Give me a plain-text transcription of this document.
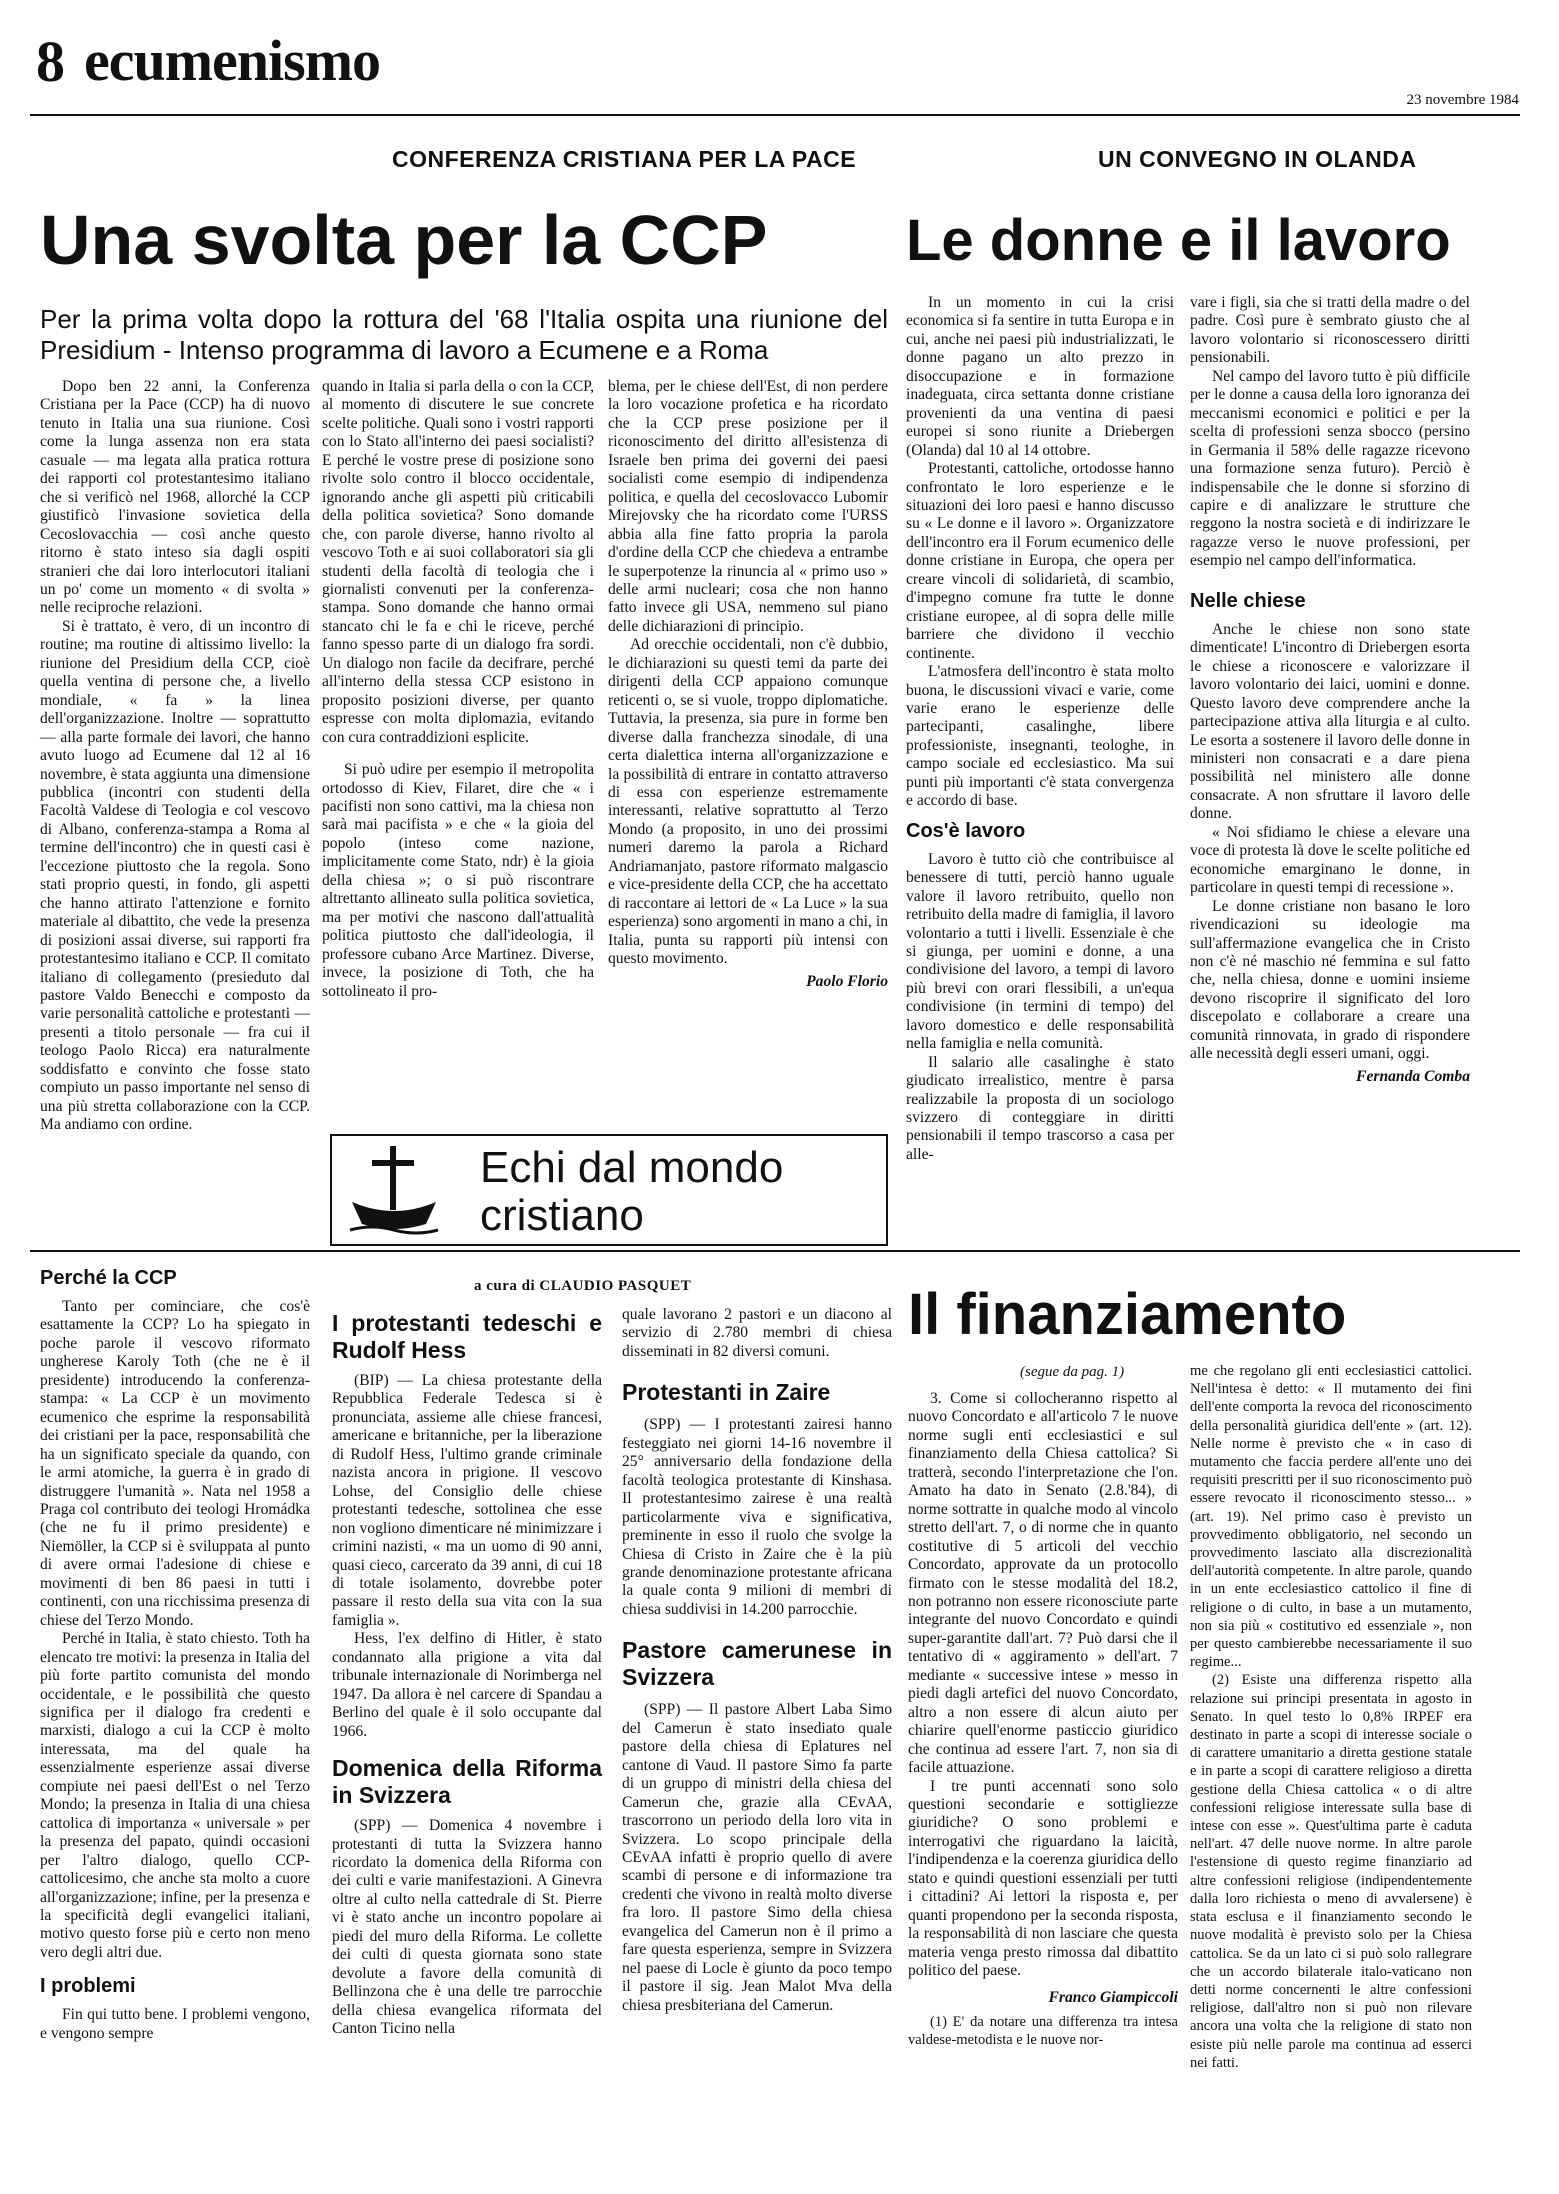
8 ecumenismo
23 novembre 1984
CONFERENZA CRISTIANA PER LA PACE
Una svolta per la CCP
Per la prima volta dopo la rottura del '68 l'Italia ospita una riunione del Presidium - Intenso programma di lavoro a Ecumene e a Roma
UN CONVEGNO IN OLANDA
Le donne e il lavoro

Dopo ben 22 anni, la Conferenza Cristiana per la Pace (CCP) ha di nuovo tenuto in Italia una sua riunione. Così come la lunga assenza non era stata casuale — ma legata alla pratica rottura dei rapporti col protestantesimo italiano che si verificò nel 1968, allorché la CCP giustificò l'invasione sovietica della Cecoslovacchia — così anche questo ritorno è stato inteso sia dagli ospiti stranieri che dai loro interlocutori italiani un po' come un momento « di svolta » nelle reciproche relazioni.

Si è trattato, è vero, di un incontro di routine; ma routine di altissimo livello: la riunione del Presidium della CCP, cioè quella ventina di persone che, a livello mondiale, « fa » la linea dell'organizzazione. Inoltre — soprattutto — alla parte formale dei lavori, che hanno avuto luogo ad Ecumene dal 12 al 16 novembre, è stata aggiunta una dimensione pubblica (incontri con studenti della Facoltà Valdese di Teologia e col vescovo di Albano, conferenza-stampa a Roma al termine dell'incontro) che in questi casi è l'eccezione piuttosto che la regola. Sono stati proprio questi, in fondo, gli aspetti che hanno attirato l'attenzione e fornito materiale al dibattito, che vede la presenza di posizioni assai diverse, sui rapporti fra protestantesimo italiano e CCP. Il comitato italiano di collegamento (presieduto dal pastore Valdo Benecchi e composto da varie personalità cattoliche e protestanti — presenti a titolo personale — fra cui il teologo Paolo Ricca) era naturalmente soddisfatto e convinto che fosse stato compiuto un passo importante nel senso di una più stretta collaborazione con la CCP. Ma andiamo con ordine.

quando in Italia si parla della o con la CCP, al momento di discutere le sue concrete scelte politiche. Quali sono i vostri rapporti con lo Stato all'interno dei paesi socialisti? E perché le vostre prese di posizione sono rivolte solo contro il blocco occidentale, ignorando anche gli aspetti più criticabili della politica sovietica? Sono domande che, con parole diverse, hanno rivolto al vescovo Toth e ai suoi collaboratori sia gli studenti della facoltà di teologia che i giornalisti convenuti per la conferenza-stampa. Sono domande che hanno ormai stancato chi le fa e chi le riceve, perché fanno spesso parte di un dialogo fra sordi. Un dialogo non facile da decifrare, perché all'interno della stessa CCP esistono in proposito posizioni diverse, per quanto espresse con molta diplomazia, evitando con cura contraddizioni esplicite.

Si può udire per esempio il metropolita ortodosso di Kiev, Filaret, dire che « i pacifisti non sono cattivi, ma la chiesa non sarà mai pacifista » e che « la gioia del popolo (inteso come nazione, implicitamente come Stato, ndr) è la gioia della chiesa »; o si può riscontrare altrettanto allineato sulla politica sovietica, ma per motivi che nascono dall'attualità politica piuttosto che dall'ideologia, il professore cubano Arce Martinez. Diverse, invece, la posizione di Toth, che ha sottolineato il pro-

blema, per le chiese dell'Est, di non perdere la loro vocazione profetica e ha ricordato che la CCP prese posizione per il riconoscimento del diritto all'esistenza di Israele ben prima dei governi dei paesi socialisti come esempio di indipendenza politica, e quella del cecoslovacco Lubomir Mirejovsky che ha ricordato come l'URSS abbia alla fine fatto propria la parola d'ordine della CCP che chiedeva a entrambe le superpotenze la rinuncia al « primo uso » delle armi nucleari; cosa che non hanno fatto invece gli USA, nemmeno sul piano delle dichiarazioni di principio.

Ad orecchie occidentali, non c'è dubbio, le dichiarazioni su questi temi da parte dei dirigenti della CCP appaiono comunque reticenti o, se si vuole, troppo diplomatiche. Tuttavia, la presenza, sia pure in forme ben diverse dalla franchezza sinodale, di una certa dialettica interna all'organizzazione e la possibilità di entrare in contatto attraverso di essa con esperienze estremamente interessanti, relative soprattutto al Terzo Mondo (a proposito, in uno dei prossimi numeri daremo la parola a Richard Andriamanjato, pastore riformato malgascio e vice-presidente della CCP, che ha accettato di raccontare ai lettori de « La Luce » la sua esperienza) sono argomenti in mano a chi, in Italia, punta su rapporti più intensi con questo movimento.

Paolo Florio

In un momento in cui la crisi economica si fa sentire in tutta Europa e in cui, anche nei paesi più industrializzati, le donne pagano un alto prezzo in disoccupazione e in formazione inadeguata, circa settanta donne cristiane provenienti da una ventina di paesi europei si sono riunite a Driebergen (Olanda) dal 10 al 14 ottobre.

Protestanti, cattoliche, ortodosse hanno confrontato le loro esperienze e le situazioni dei loro paesi e hanno discusso su « Le donne e il lavoro ». Organizzatore dell'incontro era il Forum ecumenico delle donne cristiane in Europa, che opera per creare vincoli di solidarietà, di scambio, d'impegno comune fra tutte le donne cristiane europee, al di sopra delle mille barriere che dividono il vecchio continente.

L'atmosfera dell'incontro è stata molto buona, le discussioni vivaci e varie, come varie erano le esperienze delle partecipanti, casalinghe, libere professioniste, insegnanti, teologhe, in campo sociale ed ecclesiastico. Ma sui punti più importanti c'è stata convergenza e accordo di base.

Cos'è lavoro

Lavoro è tutto ciò che contribuisce al benessere di tutti, perciò hanno uguale valore il lavoro retribuito, quello non retribuito della madre di famiglia, il lavoro volontario a tutti i livelli. Essenziale è che si giunga, per uomini e donne, a una condivisione del lavoro, a tempi di lavoro più brevi con orari flessibili, a un'equa condivisione (in termini di tempo) del lavoro domestico e delle responsabilità nella famiglia e nella comunità.

Il salario alle casalinghe è stato giudicato irrealistico, mentre è parsa realizzabile la proposta di un sociologo svizzero di conteggiare in diritti pensionabili il tempo trascorso a casa per alle-

vare i figli, sia che si tratti della madre o del padre. Così pure è sembrato giusto che al lavoro volontario si riconoscessero diritti pensionabili.

Nel campo del lavoro tutto è più difficile per le donne a causa della loro ignoranza dei meccanismi economici e politici e per la scelta di professioni senza sbocco (persino in Germania il 58% delle ragazze ricevono una formazione senza futuro). Perciò è indispensabile che le donne si sforzino di capire e di analizzare le strutture che reggono la nostra società e di indirizzare le ragazze verso le nuove professioni, per esempio nel campo dell'informatica.

Nelle chiese

Anche le chiese non sono state dimenticate! L'incontro di Driebergen esorta le chiese a riconoscere e valorizzare il lavoro volontario dei laici, uomini e donne. Questo lavoro deve comprendere anche la partecipazione attiva alla liturgia e al culto. Le esorta a sostenere il lavoro delle donne in ministeri non consacrati e a dare piena possibilità nel ministero alle donne consacrate. A non sfruttare il lavoro delle donne.

« Noi sfidiamo le chiese a elevare una voce di protesta là dove le scelte politiche ed economiche emarginano le donne, in particolare in questi tempi di recessione ».

Le donne cristiane non basano le loro rivendicazioni su ideologie ma sull'affermazione evangelica che in Cristo non c'è né maschio né femmina e sul fatto che, nella chiesa, donne e uomini insieme devono riscoprire il significato del loro discepolato e collaborare a creare una comunità rinnovata, in grado di rispondere alle necessità degli esseri umani, oggi.

Fernanda Comba

Echi dal mondo
cristiano
Perché la CCP

Tanto per cominciare, che cos'è esattamente la CCP? Lo ha spiegato in poche parole il vescovo riformato ungherese Karoly Toth (che ne è il presidente) introducendo la conferenza-stampa: « La CCP è un movimento ecumenico che esprime la responsabilità dei cristiani per la pace, responsabilità che ha un significato speciale da quando, con le armi atomiche, la guerra è in grado di distruggere l'umanità ». Nata nel 1958 a Praga col contributo dei teologi Hromádka (che ne fu il primo presidente) e Niemöller, la CCP si è sviluppata al punto di avere ormai l'adesione di chiese e movimenti di ben 86 paesi in tutti i continenti, con una ricchissima presenza di chiese del Terzo Mondo.

Perché in Italia, è stato chiesto. Toth ha elencato tre motivi: la presenza in Italia del più forte partito comunista del mondo occidentale, e le possibilità che questo significa per il dialogo fra credenti e marxisti, dialogo a cui la CCP è molto interessata, ma del quale ha essenzialmente esperienze assai diverse compiute nei paesi dell'Est o nel Terzo Mondo; la presenza in Italia di una chiesa cattolica di importanza « universale » per la presenza del papato, quindi occasioni per l'altro dialogo, quello CCP-cattolicesimo, che anche sta molto a cuore all'organizzazione; infine, per la presenza e la specificità degli evangelici italiani, motivo questo forse più e certo non meno vero degli altri due.

I problemi

Fin qui tutto bene. I problemi vengono, e vengono sempre

a cura di CLAUDIO PASQUET
I protestanti tedeschi e Rudolf Hess

(BIP) — La chiesa protestante della Repubblica Federale Tedesca si è pronunciata, assieme alle chiese francesi, americane e britanniche, per la liberazione di Rudolf Hess, l'ultimo grande criminale nazista ancora in prigione. Il vescovo Lohse, del Consiglio delle chiese protestanti tedesche, sottolinea che esse non vogliono dimenticare né minimizzare i crimini nazisti, « ma un uomo di 90 anni, quasi cieco, carcerato da 39 anni, di cui 18 di totale isolamento, dovrebbe poter passare il resto della sua vita con la sua famiglia ».

Hess, l'ex delfino di Hitler, è stato condannato alla prigione a vita dal tribunale internazionale di Norimberga nel 1947. Da allora è nel carcere di Spandau a Berlino del quale è il solo occupante dal 1966.

Domenica della Riforma in Svizzera

(SPP) — Domenica 4 novembre i protestanti di tutta la Svizzera hanno ricordato la domenica della Riforma con dei culti e varie manifestazioni. A Ginevra oltre al culto nella cattedrale di St. Pierre vi è stato anche un incontro popolare ai piedi del muro della Riforma. Le collette dei culti di questa giornata sono state devolute a favore della comunità di Bellinzona che è una delle tre parrocchie della chiesa evangelica riformata del Canton Ticino nella

quale lavorano 2 pastori e un diacono al servizio di 2.780 membri di chiesa disseminati in 82 diversi comuni.

Protestanti in Zaire

(SPP) — I protestanti zairesi hanno festeggiato nei giorni 14-16 novembre il 25° anniversario della fondazione della facoltà teologica protestante di Kinshasa. Il protestantesimo zairese è una realtà particolarmente viva e significativa, preminente in esso il ruolo che svolge la Chiesa di Cristo in Zaire che è la più grande denominazione protestante africana la quale conta 9 milioni di membri di chiesa suddivisi in 14.200 parrocchie.

Pastore camerunese in Svizzera

(SPP) — Il pastore Albert Laba Simo del Camerun è stato insediato quale pastore della chiesa di Eplatures nel cantone di Vaud. Il pastore Simo fa parte di un gruppo di ministri della chiesa del Camerun che, grazie alla CEvAA, trascorrono un periodo della loro vita in Svizzera. Lo scopo principale della CEvAA infatti è proprio quello di avere scambi di persone e di informazione tra credenti che vivono in realtà molto diverse fra loro. Il pastore Simo della chiesa evangelica del Camerun non è il primo a fare questa esperienza, sempre in Svizzera nel paese di Locle è giunto da poco tempo il pastore il sig. Jean Malot Mva della chiesa presbiteriana del Camerun.

Il finanziamento
(segue da pag. 1)

3. Come si collocheranno rispetto al nuovo Concordato e all'articolo 7 le nuove norme sugli enti ecclesiastici e sul finanziamento della Chiesa cattolica? Si tratterà, secondo l'interpretazione che l'on. Amato ha dato in Senato (2.8.'84), di norme sottratte in qualche modo al vincolo stretto dell'art. 7, o di norme che in quanto costitutive di 5 articoli del vecchio Concordato, approvate da un protocollo firmato con le stesse modalità del 18.2, non potranno non essere riconosciute parte integrante del nuovo Concordato e quindi super-garantite dall'art. 7? Può darsi che il tentativo di « aggiramento » dell'art. 7 mediante « successive intese » messo in piedi dagli artefici del nuovo Concordato, altro a non essere di alcun aiuto per chiarire quell'enorme pasticcio giuridico che continua ad essere l'art. 7, non sia di facile attuazione.

I tre punti accennati sono solo questioni secondarie e sottigliezze giuridiche? O sono problemi e interrogativi che riguardano la laicità, l'indipendenza e la coerenza giuridica dello stato e quindi questioni essenziali per tutti i cittadini? Ai lettori la risposta e, per quanti propendono per la seconda risposta, la responsabilità di non lasciare che questa materia venga presto rimossa dal dibattito politico del paese.

Franco Giampiccoli

(1) E' da notare una differenza tra intesa valdese-metodista e le nuove nor-

me che regolano gli enti ecclesiastici cattolici. Nell'intesa è detto: « Il mutamento dei fini dell'ente comporta la revoca del riconoscimento della personalità giuridica dell'ente » (art. 12). Nelle norme è previsto che « in caso di mutamento che faccia perdere all'ente uno dei requisiti prescritti per il suo riconoscimento può essere revocato il riconoscimento stesso... » (art. 19). Nel primo caso è previsto un provvedimento obbligatorio, nel secondo un provvedimento lasciato alla discrezionalità dell'autorità competente. In altre parole, quando in un ente ecclesiastico cattolico il fine di religione o di culto, in base a un mutamento, non sia più « costitutivo ed essenziale », non per questo cambierebbe necessariamente il suo regime...

(2) Esiste una differenza rispetto alla relazione sui principi presentata in agosto in Senato. In quel testo lo 0,8% IRPEF era destinato in parte a scopi di interesse sociale o di carattere umanitario a diretta gestione statale e in parte a scopi di carattere religioso a diretta gestione della Chiesa cattolica « o di altre confessioni religiose interessate sulla base di intese con esse ». Quest'ultima parte è caduta nell'art. 47 delle nuove norme. In altre parole l'estensione di questo regime finanziario ad altre confessioni religiose (indipendentemente dalla loro richiesta o meno di avvalersene) è stata esclusa e il finanziamento secondo le nuove modalità è previsto solo per la Chiesa cattolica. Se da un lato ci si può solo rallegrare che un accordo bilaterale italo-vaticano non detti norme concernenti le altre confessioni religiose, dall'altro non si può non rilevare ancora una volta che la religione di stato non esiste più nelle parole ma continua ad esserci nei fatti.
